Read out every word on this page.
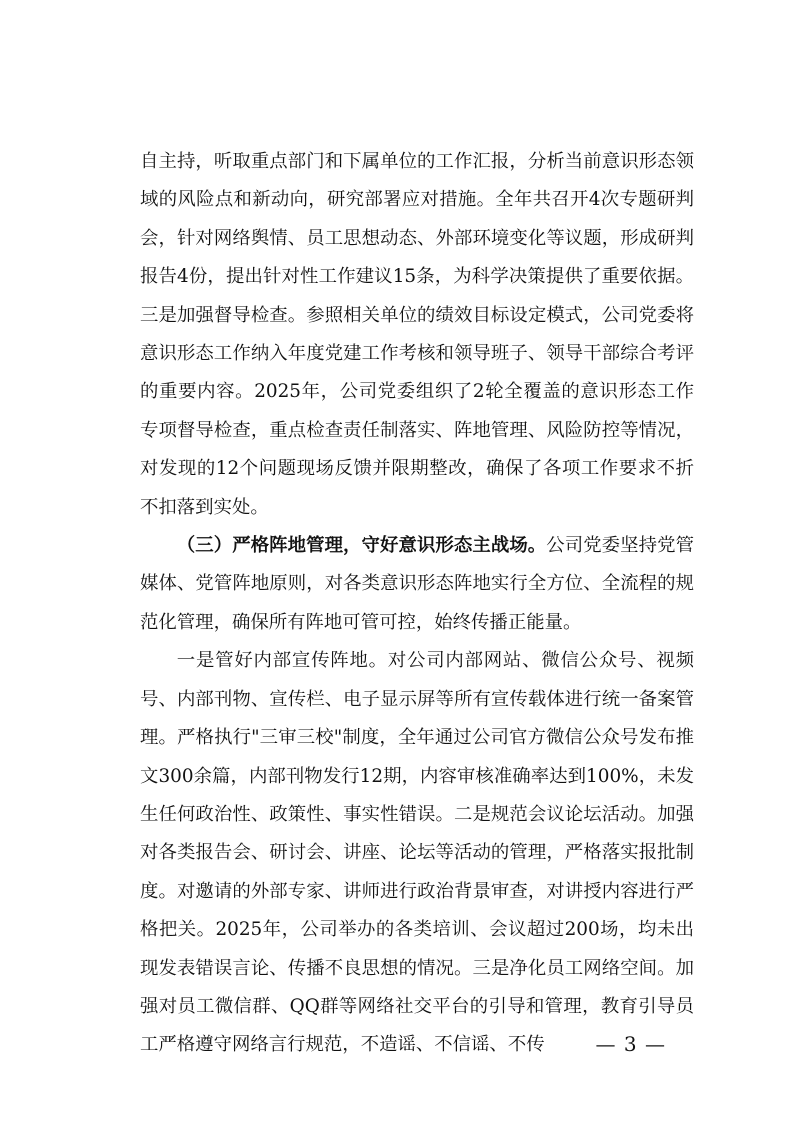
自主持，听取重点部门和下属单位的工作汇报，分析当前意识形态领域的风险点和新动向，研究部署应对措施。全年共召开4次专题研判会，针对网络舆情、员工思想动态、外部环境变化等议题，形成研判报告4份，提出针对性工作建议15条，为科学决策提供了重要依据。三是加强督导检查。参照相关单位的绩效目标设定模式，公司党委将意识形态工作纳入年度党建工作考核和领导班子、领导干部综合考评的重要内容。2025年，公司党委组织了2轮全覆盖的意识形态工作专项督导检查，重点检查责任制落实、阵地管理、风险防控等情况，对发现的12个问题现场反馈并限期整改，确保了各项工作要求不折不扣落到实处。

（三）严格阵地管理，守好意识形态主战场。公司党委坚持党管媒体、党管阵地原则，对各类意识形态阵地实行全方位、全流程的规范化管理，确保所有阵地可管可控，始终传播正能量。

一是管好内部宣传阵地。对公司内部网站、微信公众号、视频号、内部刊物、宣传栏、电子显示屏等所有宣传载体进行统一备案管理。严格执行"三审三校"制度，全年通过公司官方微信公众号发布推文300余篇，内部刊物发行12期，内容审核准确率达到100%，未发生任何政治性、政策性、事实性错误。二是规范会议论坛活动。加强对各类报告会、研讨会、讲座、论坛等活动的管理，严格落实报批制度。对邀请的外部专家、讲师进行政治背景审查，对讲授内容进行严格把关。2025年，公司举办的各类培训、会议超过200场，均未出现发表错误言论、传播不良思想的情况。三是净化员工网络空间。加强对员工微信群、QQ群等网络社交平台的引导和管理，教育引导员工严格遵守网络言行规范，不造谣、不信谣、不传	— 3 —
